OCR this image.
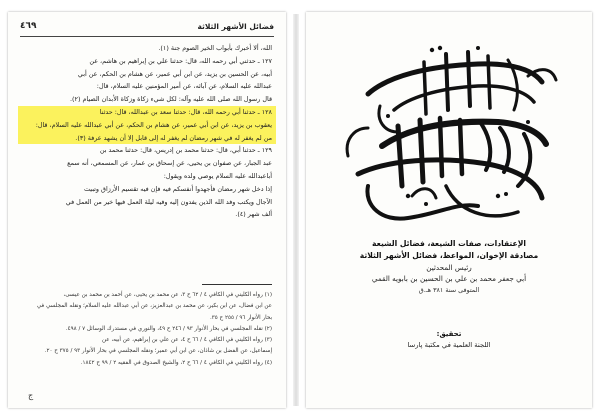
فضائل الأشهر الثلاثة
٤٦٩
الله، ألا أخبرك بأبواب الخير الصوم جنة (١).
١٢٧ ـ حدثني أبي رحمه الله، قال: حدثنا علي بن إبراهيم بن هاشم، عن
أبيه، عن الحسين بن يزيد، عن ابن أبي عمير، عن هشام بن الحكم، عن أبي
عبدالله عليه السلام، عن آبائه، عن أمير المؤمنين عليه السلام، قال:
قال رسول الله صلى الله عليه وآله: لكل شيء زكاة وزكاة الأبدان الصيام (٢).
١٢٨ ـ حدثنا أبي رحمه الله، قال: حدثنا سعد بن عبدالله، قال: حدثنا
يعقوب بن يزيد، عن ابن أبي عمير، عن هشام بن الحكم، عن أبي عبدالله عليه السلام، قال:
من لم يغفر له في شهر رمضان لم يغفر له إلى قابل إلا أن يشهد عرفة (٣).
١٢٩ ـ حدثنا أبي، قال: حدثنا محمد بن إدريس، قال: حدثنا محمد بن
عبد الجبار، عن صفوان بن يحيى، عن إسحاق بن عمار، عن المسمعي، أنه سمع
أباعبدالله عليه السلام يوصي ولده ويقول:
إذا دخل شهر رمضان فأجهدوا أنفسكم فيه فإن فيه تقسيم الأرزاق وتبيت
الآجال ويكتب وفد الله الذين يفدون إليه وفيه ليلة العمل فيها خير من العمل في
ألف شهر (٤).
(١) رواه الكليني في الكافي ٤ / ٦٢ ح ٣، عن محمد بن يحيى، عن أحمد بن محمد بن عيسى،
عن ابن فضال، عن ابن بكير، عن محمد بن عبدالعزيز، عن أبي عبدالله عليه السلام؛ ونقله المجلسي في
بحار الأنوار ٩٦ / ٢٥٥ ح ٣٥.
(٢) نقله المجلسي في بحار الأنوار ٩٣ / ٢٤٦ ح ٤٩، والنوري في مستدرك الوسائل ٧ / ٤٩٨.
(٣) رواه الكليني في الكافي ٤ / ٦٦ ح ٤، عن علي بن إبراهيم، عن أبيه، عن
إسماعيل، عن الفضل بن شاذان، عن ابن أبي عمير؛ ونقله المجلسي في بحار الأنوار ٩٣ / ٣٧٥ ح ٢٠.
(٤) رواه الكليني في الكافي ٤ / ٦٦ ح ٢، والشيخ الصدوق في الفقيه ٢ / ٩٩ ح ١٨٤٢.
ج
الإعتقادات، صفات الشيعة، فضائل الشيعة
مصادقة الإخوان، المواعظ، فضائل الأشهر الثلاثة
رئيس المحدثين
أبي جعفر محمد بن علي بن الحسين بن بابويه القمي
المتوفى سنة ٣٨١ هـ.ق
تحقيق:
اللجنة العلمية في مكتبة پارسا
